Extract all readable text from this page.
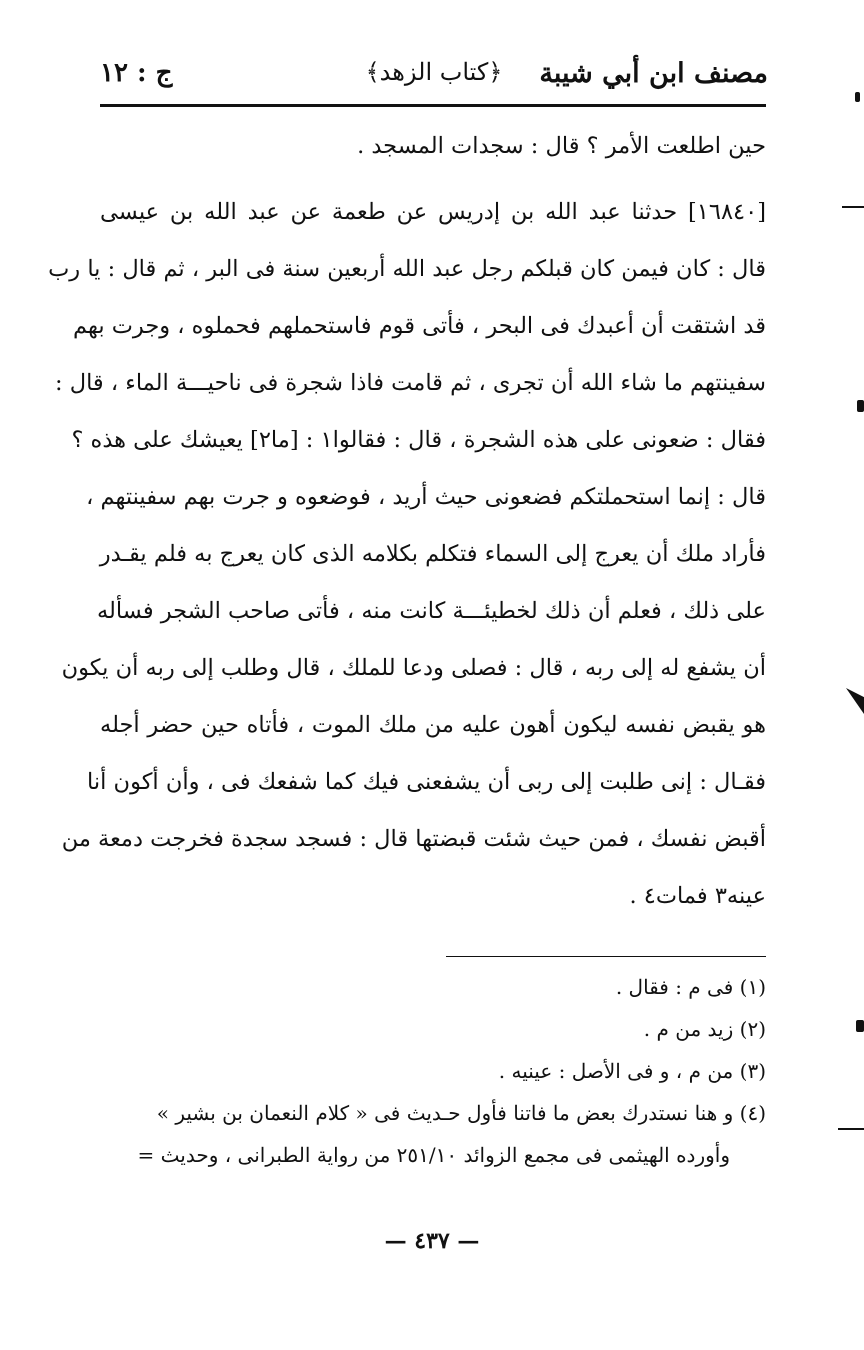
مصنف ابن أبي شيبة
﴿كتاب الزهد﴾
ج : ١٢
حين اطلعت الأمر ؟ قال : سجدات المسجد .
[١٦٨٤٠] حدثنا عبد الله بن إدريس عن طعمة عن عبد الله بن عيسى
قال : كان فيمن كان قبلكم رجل عبد الله أربعين سنة فى البر ، ثم قال : يا رب
قد اشتقت أن أعبدك فى البحر ، فأتى قوم فاستحملهم فحملوه ، وجرت بهم
سفينتهم ما شاء الله أن تجرى ، ثم قامت فاذا شجرة فى ناحيـــة الماء ، قال :
فقال : ضعونى على هذه الشجرة ، قال : فقالوا١ : [ما٢] يعيشك على هذه ؟
قال : إنما استحملتكم فضعونى حيث أريد ، فوضعوه و جرت بهم سفينتهم ،
فأراد ملك أن يعرج إلى السماء فتكلم بكلامه الذى كان يعرج به فلم يقـدر
على ذلك ، فعلم أن ذلك لخطيئـــة كانت منه ، فأتى صاحب الشجر فسأله
أن يشفع له إلى ربه ، قال : فصلى ودعا للملك ، قال وطلب إلى ربه أن يكون
هو يقبض نفسه ليكون أهون عليه من ملك الموت ، فأتاه حين حضر أجله
فقـال : إنى طلبت إلى ربى أن يشفعنى فيك كما شفعك فى ، وأن أكون أنا
أقبض نفسك ، فمن حيث شئت قبضتها قال : فسجد سجدة فخرجت دمعة من
عينه٣ فمات٤ .
(١) فى م : فقال .
(٢) زيد من م .
(٣) من م ، و فى الأصل : عينيه .
(٤) و هنا نستدرك بعض ما فاتنا فأول حـديث فى « كلام النعمان بن بشير »
وأورده الهيثمى فى مجمع الزوائد ٢٥١/١٠ من رواية الطبرانى ، وحديث =
— ٤٣٧ —
